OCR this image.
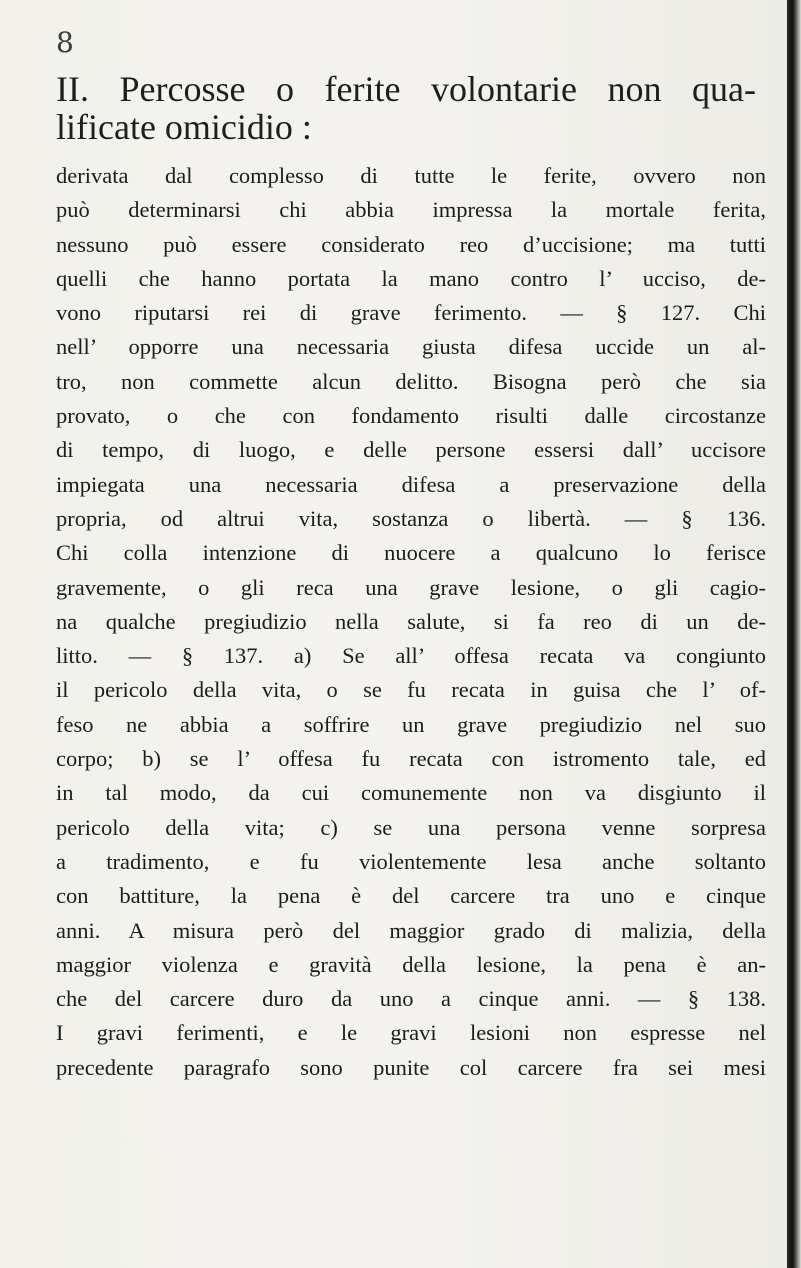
8
II. Percosse o ferite volontarie non qua-
lificate omicidio :
derivata dal complesso di tutte le ferite, ovvero non
può determinarsi chi abbia impressa la mortale ferita,
nessuno può essere considerato reo d’uccisione; ma tutti
quelli che hanno portata la mano contro l’ ucciso, de-
vono riputarsi rei di grave ferimento. — § 127. Chi
nell’ opporre una necessaria giusta difesa uccide un al-
tro, non commette alcun delitto. Bisogna però che sia
provato, o che con fondamento risulti dalle circostanze
di tempo, di luogo, e delle persone essersi dall’ uccisore
impiegata una necessaria difesa a preservazione della
propria, od altrui vita, sostanza o libertà. — § 136.
Chi colla intenzione di nuocere a qualcuno lo ferisce
gravemente, o gli reca una grave lesione, o gli cagio-
na qualche pregiudizio nella salute, si fa reo di un de-
litto. — § 137. a) Se all’ offesa recata va congiunto
il pericolo della vita, o se fu recata in guisa che l’ of-
feso ne abbia a soffrire un grave pregiudizio nel suo
corpo; b) se l’ offesa fu recata con istromento tale, ed
in tal modo, da cui comunemente non va disgiunto il
pericolo della vita; c) se una persona venne sorpresa
a tradimento, e fu violentemente lesa anche soltanto
con battiture, la pena è del carcere tra uno e cinque
anni. A misura però del maggior grado di malizia, della
maggior violenza e gravità della lesione, la pena è an-
che del carcere duro da uno a cinque anni. — § 138.
I gravi ferimenti, e le gravi lesioni non espresse nel
precedente paragrafo sono punite col carcere fra sei mesi
